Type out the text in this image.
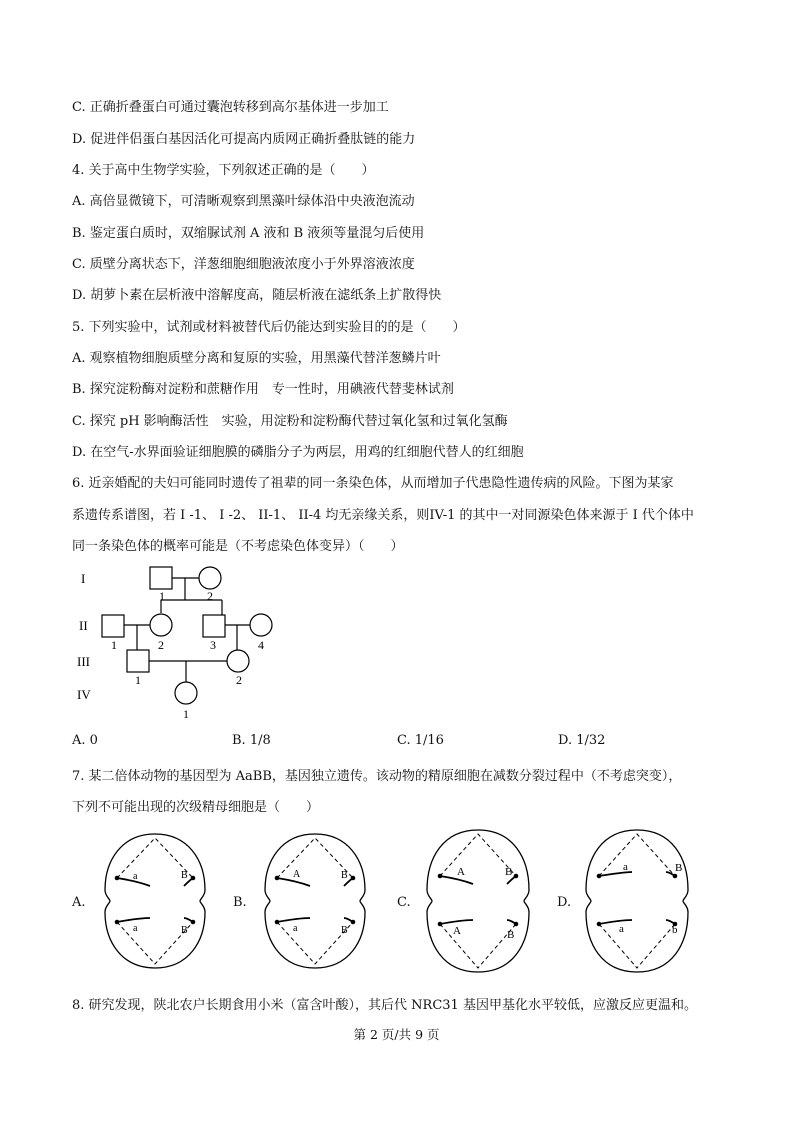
C. 正确折叠蛋白可通过囊泡转移到高尔基体进一步加工
D. 促进伴侣蛋白基因活化可提高内质网正确折叠肽链的能力
4. 关于高中生物学实验，下列叙述正确的是（　　）
A. 高倍显微镜下，可清晰观察到黑藻叶绿体沿中央液泡流动
B. 鉴定蛋白质时，双缩脲试剂 A 液和 B 液须等量混匀后使用
C. 质壁分离状态下，洋葱细胞细胞液浓度小于外界溶液浓度
D. 胡萝卜素在层析液中溶解度高，随层析液在滤纸条上扩散得快
5. 下列实验中，试剂或材料被替代后仍能达到实验目的的是（　　）
A. 观察植物细胞质壁分离和复原的实验，用黑藻代替洋葱鳞片叶
B. 探究淀粉酶对淀粉和蔗糖作用　专一性时，用碘液代替斐林试剂
C. 探究 pH 影响酶活性　实验，用淀粉和淀粉酶代替过氧化氢和过氧化氢酶
D. 在空气-水界面验证细胞膜的磷脂分子为两层，用鸡的红细胞代替人的红细胞
6. 近亲婚配的夫妇可能同时遗传了祖辈的同一条染色体，从而增加子代患隐性遗传病的风险。下图为某家
系遗传系谱图，若 I -1、 I -2、 II-1、 II-4 均无亲缘关系，则IV-1 的其中一对同源染色体来源于 I 代个体中
同一条染色体的概率可能是（不考虑染色体变异）（　　）
I
II
III
IV
1	2
1	2	3	4
1	2
1
A. 0	B. 1/8	C. 1/16	D. 1/32
7. 某二倍体动物的基因型为 AaBB，基因独立遗传。该动物的精原细胞在减数分裂过程中（不考虑突变），
下列不可能出现的次级精母细胞是（　　）
A.	B.	C.	D.
a	B
a	B
A	B
a	B
A	B
A	B
a	B
a	b
8. 研究发现，陕北农户长期食用小米（富含叶酸），其后代 NRC31 基因甲基化水平较低，应激反应更温和。
第 2 页/共 9 页
